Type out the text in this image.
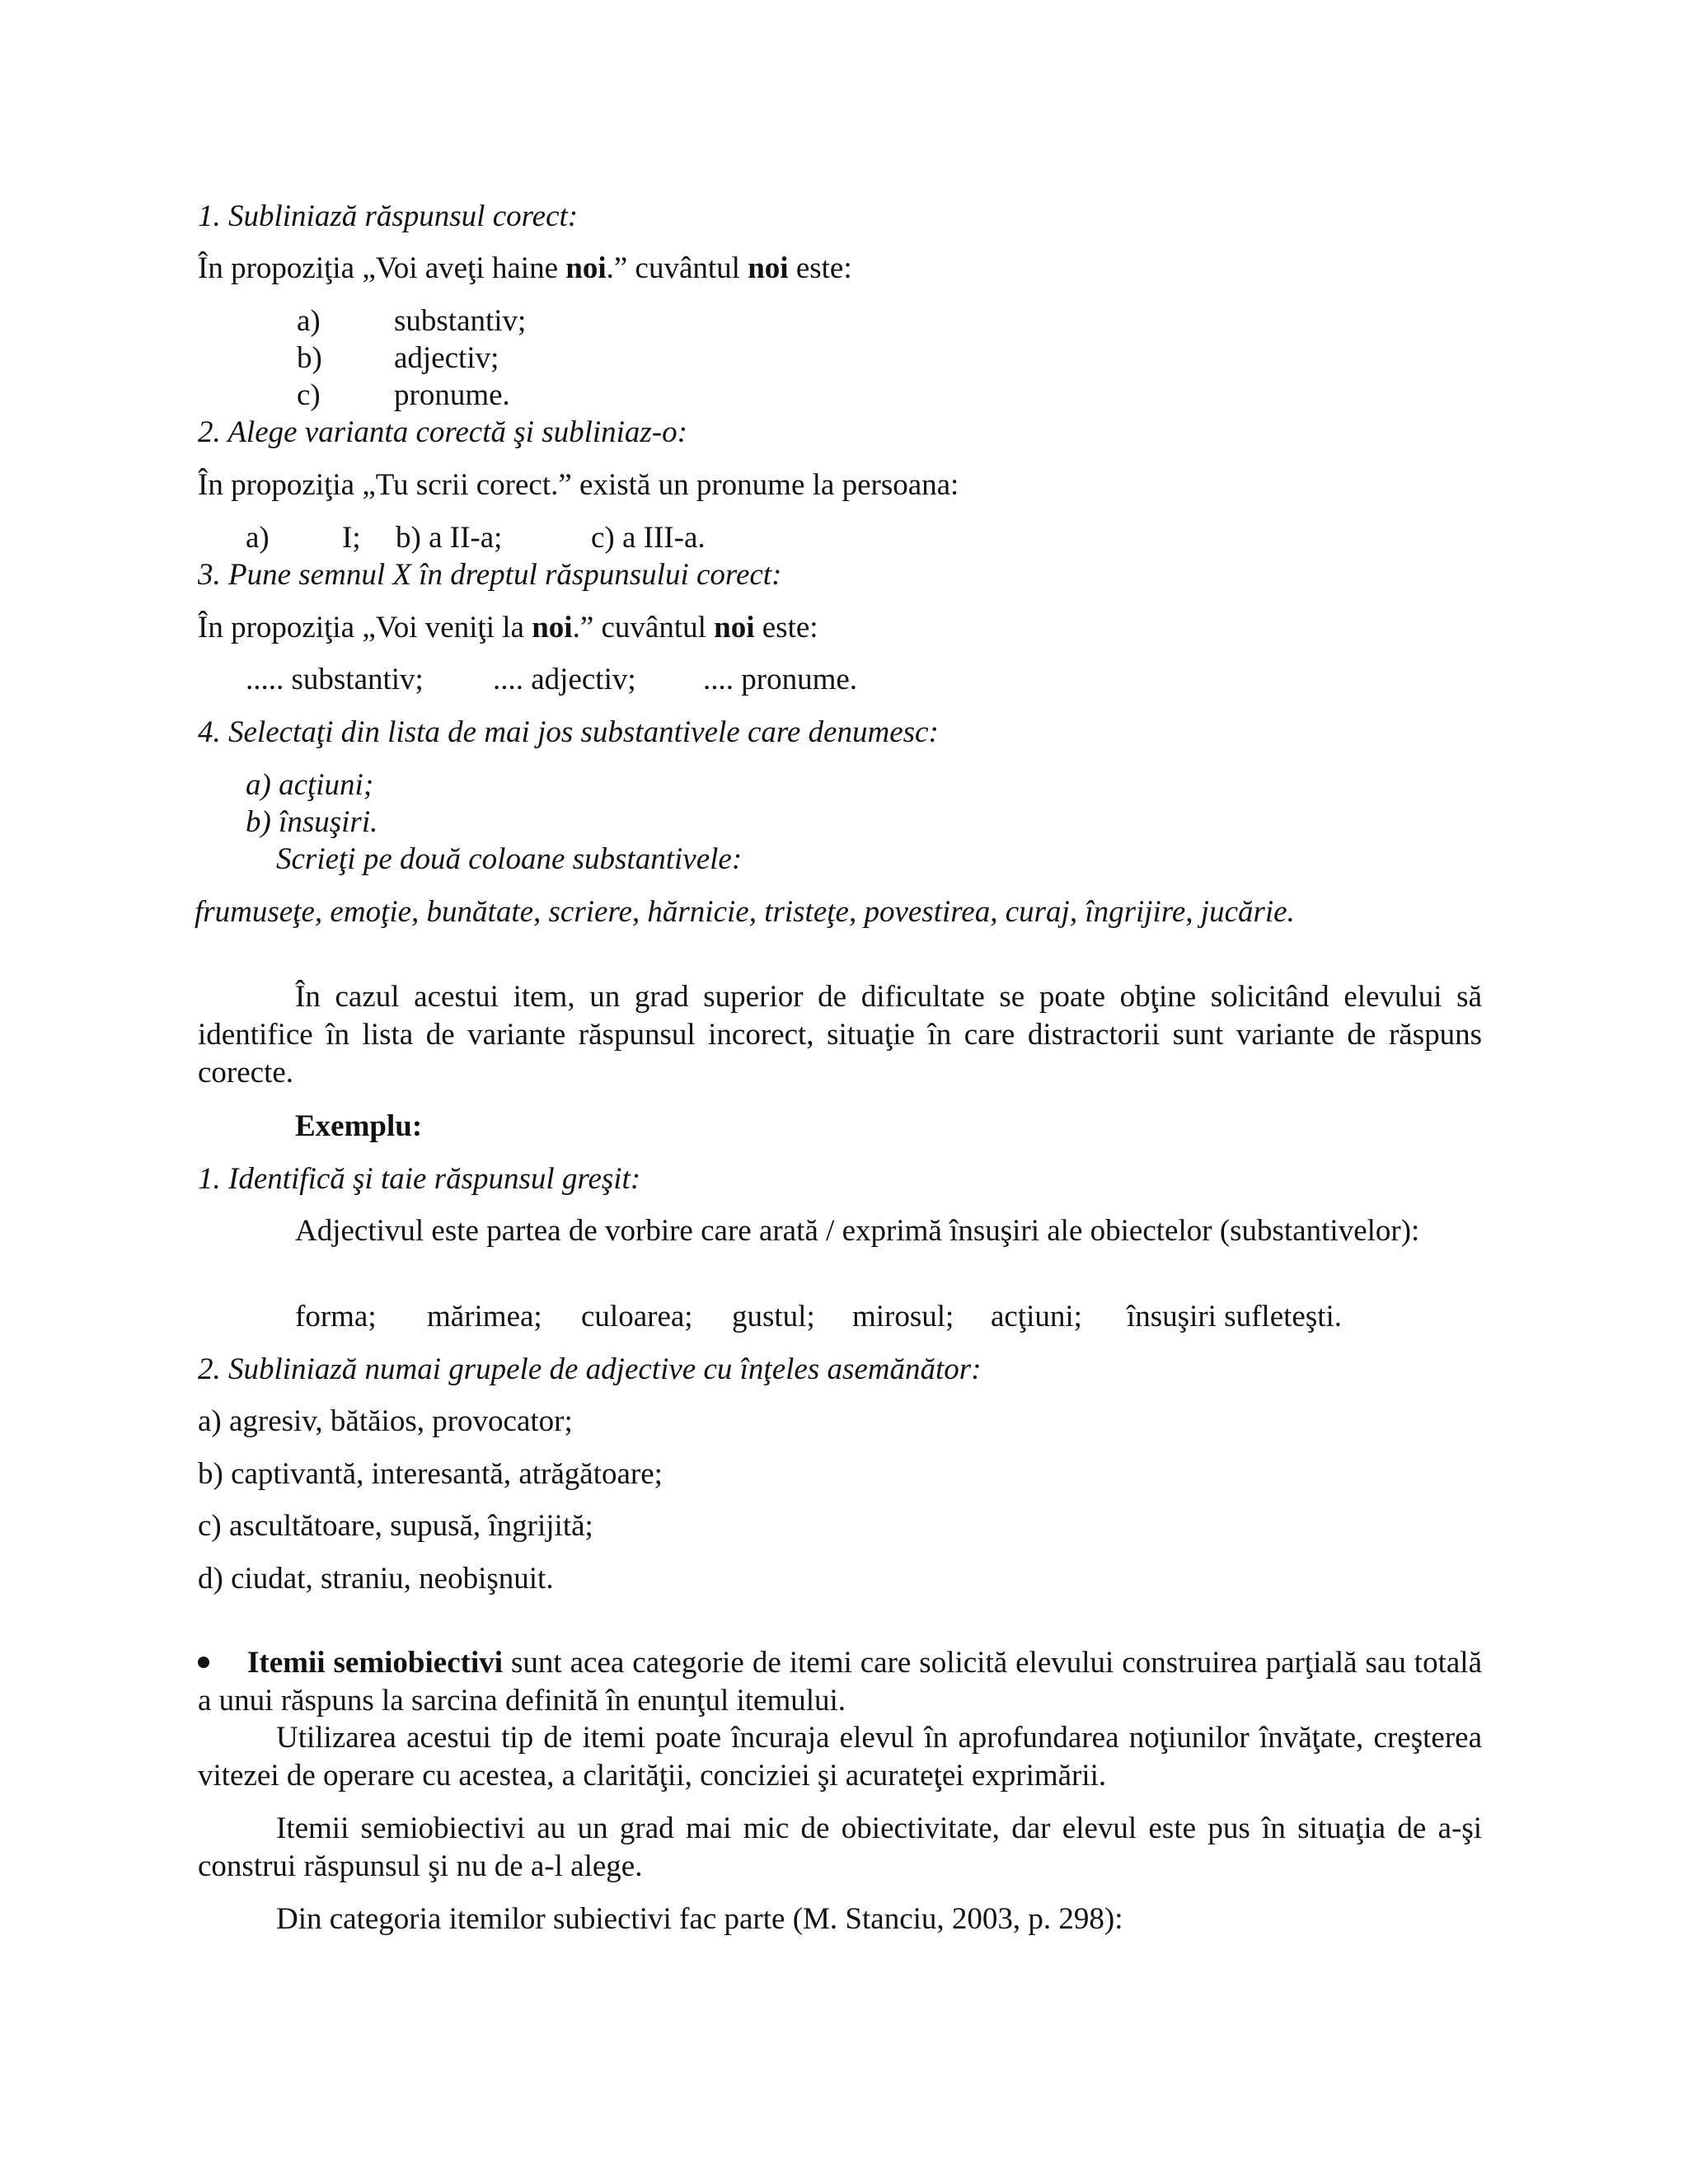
1. Subliniază răspunsul corect:
În propoziţia „Voi aveţi haine noi.” cuvântul noi este:
a) substantiv;
b) adjectiv;
c) pronume.
2. Alege varianta corectă şi subliniaz-o:
În propoziţia „Tu scrii corect.” există un pronume la persoana:
a) I; b) a II-a;	c) a III-a.
3. Pune semnul X în dreptul răspunsului corect:
În propoziţia „Voi veniţi la noi.” cuvântul noi este:
..... substantiv; .... adjectiv; .... pronume.
4. Selectaţi din lista de mai jos substantivele care denumesc:
a) acţiuni;
b) însuşiri.
Scrieţi pe două coloane substantivele:
frumuseţe, emoţie, bunătate, scriere, hărnicie, tristeţe, povestirea, curaj, îngrijire, jucărie.
În cazul acestui item, un grad superior de dificultate se poate obţine solicitând elevului să identifice în lista de variante răspunsul incorect, situaţie în care distractorii sunt variante de răspuns corecte.
Exemplu:
1. Identifică şi taie răspunsul greşit:
Adjectivul este partea de vorbire care arată / exprimă însuşiri ale obiectelor (substantivelor):
forma; mărimea; culoarea; gustul; mirosul; acţiuni; însuşiri sufleteşti.
2. Subliniază numai grupele de adjective cu înţeles asemănător:
a) agresiv, bătăios, provocator;
b) captivantă, interesantă, atrăgătoare;
c) ascultătoare, supusă, îngrijită;
d) ciudat, straniu, neobişnuit.
Itemii semiobiectivi sunt acea categorie de itemi care solicită elevului construirea parţială sau totală a unui răspuns la sarcina definită în enunţul itemului.
Utilizarea acestui tip de itemi poate încuraja elevul în aprofundarea noţiunilor învăţate, creşterea vitezei de operare cu acestea, a clarităţii, conciziei şi acurateţei exprimării.
Itemii semiobiectivi au un grad mai mic de obiectivitate, dar elevul este pus în situaţia de a-şi construi răspunsul şi nu de a-l alege.
Din categoria itemilor subiectivi fac parte (M. Stanciu, 2003, p. 298):
